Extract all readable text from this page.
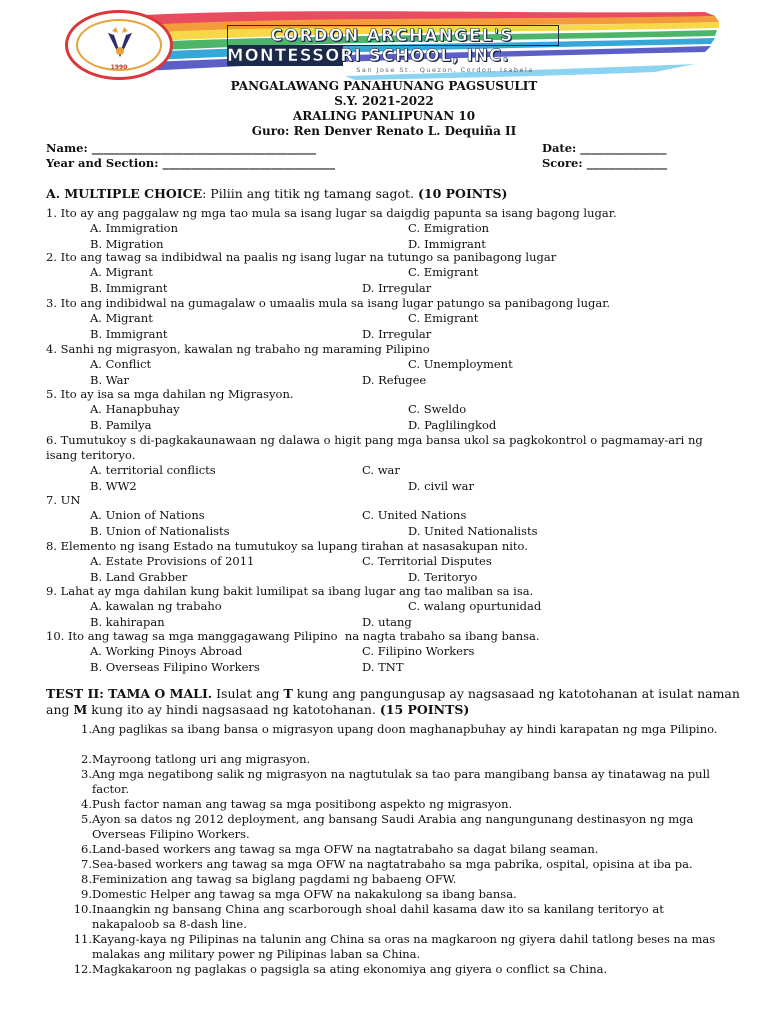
1990
CORDON ARCHANGEL'S
MONTESSORI SCHOOL, INC.
San Jose St., Quezon, Cordon, Isabela
PANGALAWANG PANAHUNANG PAGSUSULIT
S.Y. 2021-2022
ARALING PANLIPUNAN 10
Guro: Ren Denver Renato L. Dequiña II
Name: _______________________________________	Date: _______________
Year and Section: ______________________________	Score: ______________
A. MULTIPLE CHOICE: Piliin ang titik ng tamang sagot. (10 POINTS)
1. Ito ay ang paggalaw ng mga tao mula sa isang lugar sa daigdig papunta sa isang bagong lugar.
A. Immigration	C. Emigration
B. Migration	D. Immigrant
2. Ito ang tawag sa indibidwal na paalis ng isang lugar na tutungo sa panibagong lugar
A. Migrant	C. Emigrant
B. Immigrant	D. Irregular
3. Ito ang indibidwal na gumagalaw o umaalis mula sa isang lugar patungo sa panibagong lugar.
A. Migrant	C. Emigrant
B. Immigrant	D. Irregular
4. Sanhi ng migrasyon, kawalan ng trabaho ng maraming Pilipino
A. Conflict	C. Unemployment
B. War	D. Refugee
5. Ito ay isa sa mga dahilan ng Migrasyon.
A. Hanapbuhay	C. Sweldo
B. Pamilya	D. Paglilingkod
6. Tumutukoy s di-pagkakaunawaan ng dalawa o higit pang mga bansa ukol sa pagkokontrol o pagmamay-ari ng isang teritoryo.
A. territorial conflicts	C. war
B. WW2	D. civil war
7. UN
A. Union of Nations	C. United Nations
B. Union of Nationalists	D. United Nationalists
8. Elemento ng isang Estado na tumutukoy sa lupang tirahan at nasasakupan nito.
A. Estate Provisions of 2011	C. Territorial Disputes
B. Land Grabber	D. Teritoryo
9. Lahat ay mga dahilan kung bakit lumilipat sa ibang lugar ang tao maliban sa isa.
A. kawalan ng trabaho	C. walang opurtunidad
B. kahirapan	D. utang
10. Ito ang tawag sa mga manggagawang Pilipino  na nagta trabaho sa ibang bansa.
A. Working Pinoys Abroad	C. Filipino Workers
B. Overseas Filipino Workers	D. TNT
TEST II: TAMA O MALI. Isulat ang T kung ang pangungusap ay nagsasaad ng katotohanan at isulat naman
ang M kung ito ay hindi nagsasaad ng katotohanan. (15 POINTS)
1. Ang paglikas sa ibang bansa o migrasyon upang doon maghanapbuhay ay hindi karapatan ng mga Pilipino.
2. Mayroong tatlong uri ang migrasyon.
3. Ang mga negatibong salik ng migrasyon na nagtutulak sa tao para mangibang bansa ay tinatawag na pull factor.
4. Push factor naman ang tawag sa mga positibong aspekto ng migrasyon.
5. Ayon sa datos ng 2012 deployment, ang bansang Saudi Arabia ang nangungunang destinasyon ng mga Overseas Filipino Workers.
6. Land-based workers ang tawag sa mga OFW na nagtatrabaho sa dagat bilang seaman.
7. Sea-based workers ang tawag sa mga OFW na nagtatrabaho sa mga pabrika, ospital, opisina at iba pa.
8. Feminization ang tawag sa biglang pagdami ng babaeng OFW.
9. Domestic Helper ang tawag sa mga OFW na nakakulong sa ibang bansa.
10. Inaangkin ng bansang China ang scarborough shoal dahil kasama daw ito sa kanilang teritoryo at nakapaloob sa 8-dash line.
11. Kayang-kaya ng Pilipinas na talunin ang China sa oras na magkaroon ng giyera dahil tatlong beses na mas malakas ang military power ng Pilipinas laban sa China.
12. Magkakaroon ng paglakas o pagsigla sa ating ekonomiya ang giyera o conflict sa China.
